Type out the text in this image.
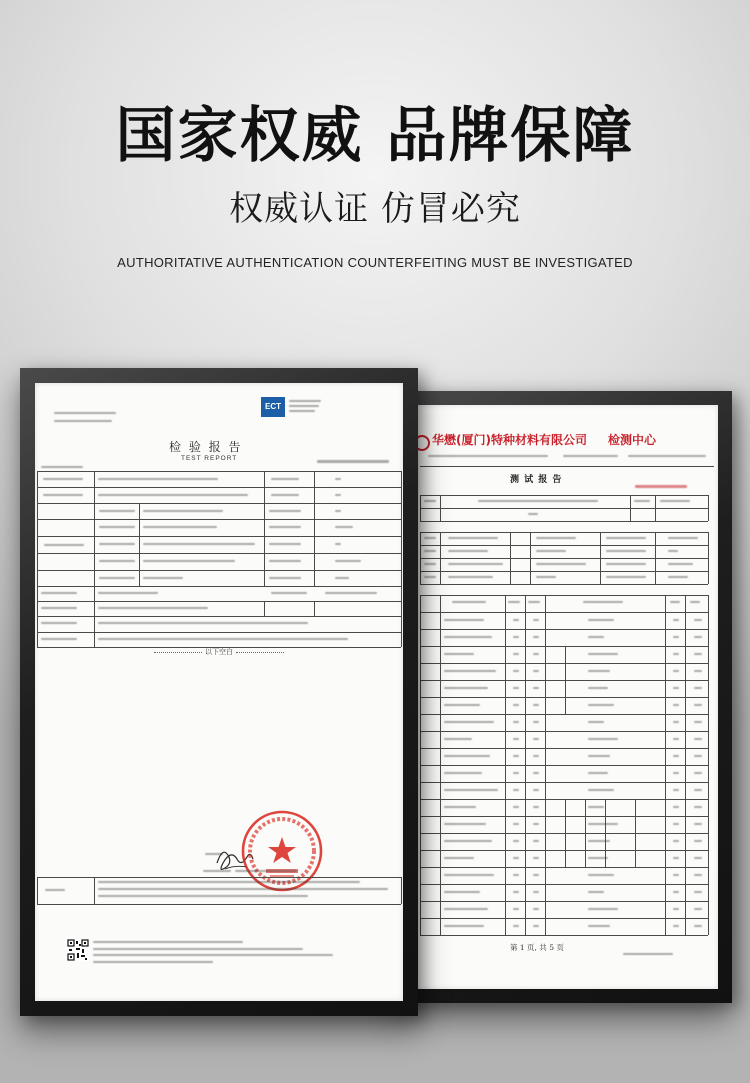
国家权威 品牌保障
权威认证 仿冒必究
AUTHORITATIVE AUTHENTICATION COUNTERFEITING MUST BE INVESTIGATED
华懋(厦门)特种材料有限公司 检测中心
测 试 报 告
第 1 页, 共 5 页
ECT
检 验 报 告
TEST REPORT
以下空白
